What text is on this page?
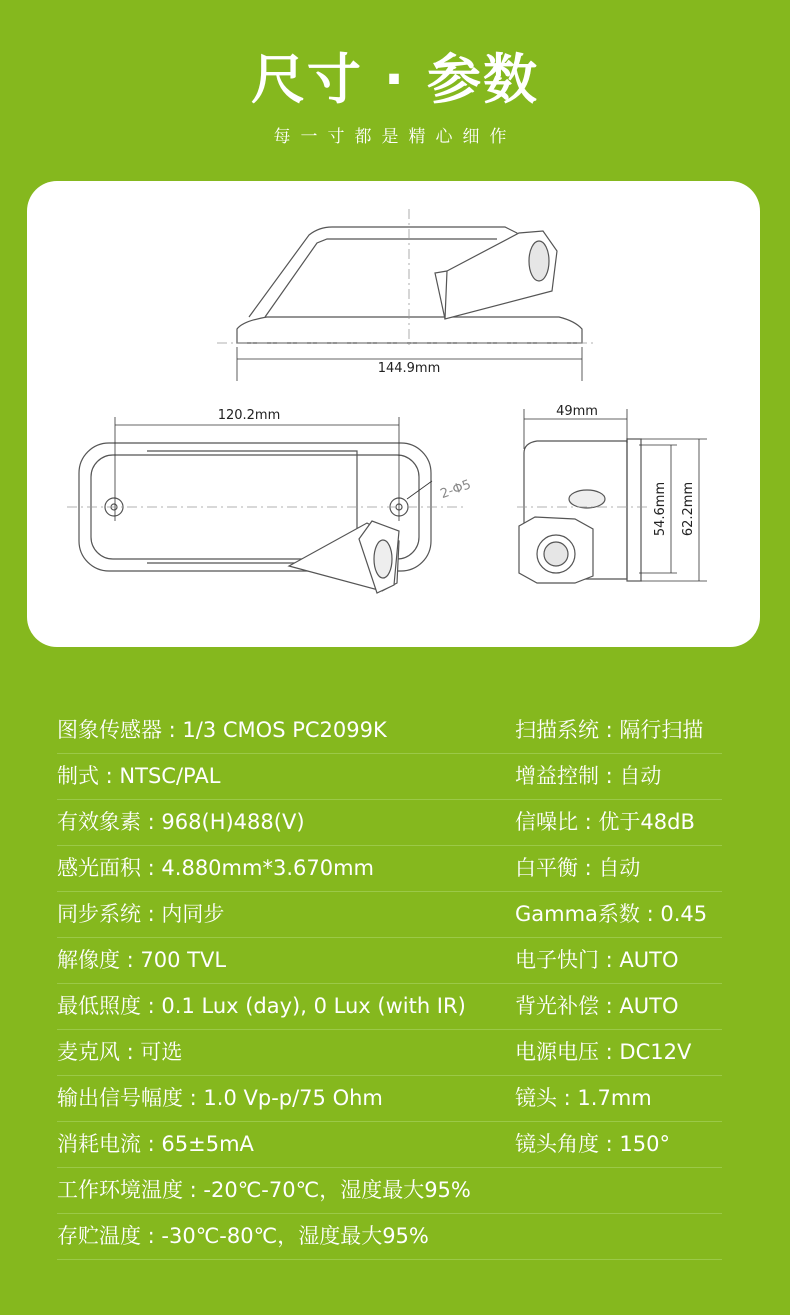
尺寸 · 参数
每一寸都是精心细作
144.9mm
120.2mm
2-Φ5
49mm
54.6mm 62.2mm
图象传感器 : 1/3 CMOS PC2099K	扫描系统 : 隔行扫描
制式 : NTSC/PAL	增益控制 : 自动
有效象素 : 968(H)488(V)	信噪比 : 优于48dB
感光面积 : 4.880mm*3.670mm	白平衡 : 自动
同步系统 : 内同步	Gamma系数 : 0.45
解像度 : 700 TVL	电子快门 : AUTO
最低照度 : 0.1 Lux (day), 0 Lux (with IR) 背光补偿 : AUTO
麦克风 : 可选	电源电压 : DC12V
输出信号幅度 : 1.0 Vp-p/75 Ohm	镜头 : 1.7mm
消耗电流 : 65±5mA	镜头角度 : 150°
工作环境温度 : -20℃-70℃，湿度最大95%
存贮温度 : -30℃-80℃，湿度最大95%
